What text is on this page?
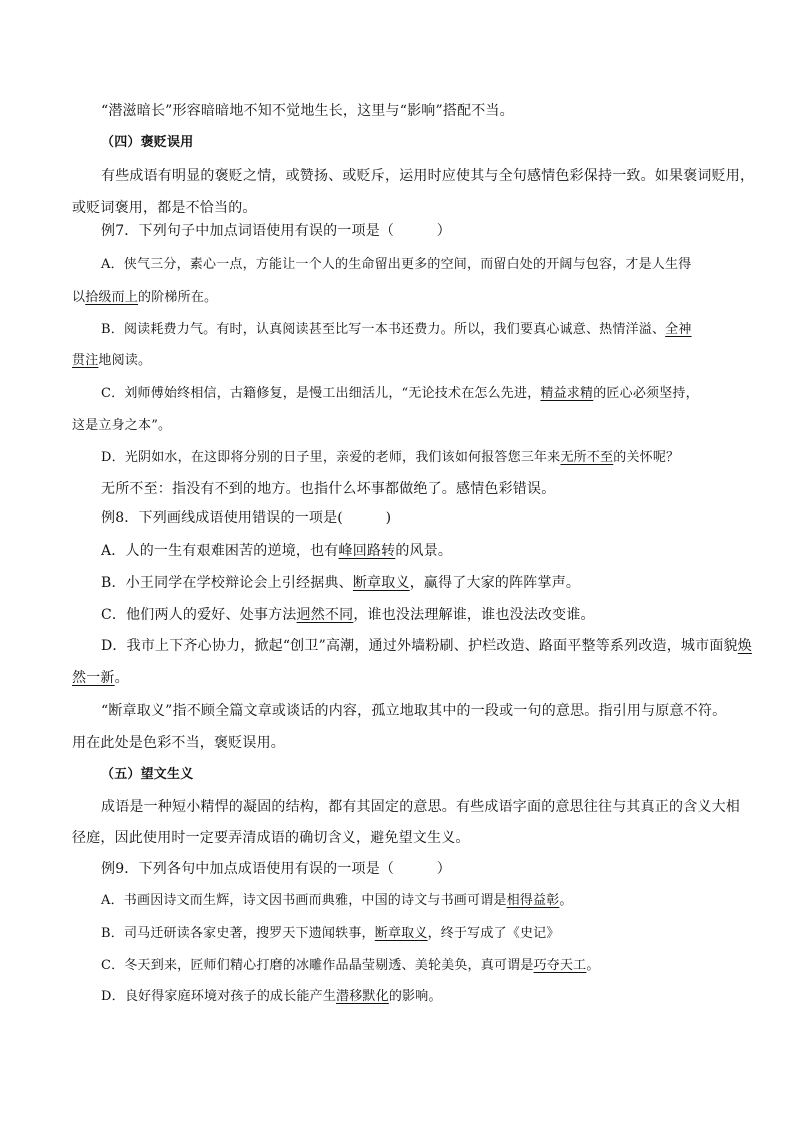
“潜滋暗长”形容暗暗地不知不觉地生长，这里与“影响”搭配不当。
（四）褒贬误用
有些成语有明显的褒贬之情，或赞扬、或贬斥，运用时应使其与全句感情色彩保持一致。如果褒词贬用，
或贬词褒用，都是不恰当的。
例7．下列句子中加点词语使用有误的一项是（　　　）
A．侠气三分，素心一点，方能让一个人的生命留出更多的空间，而留白处的开阔与包容，才是人生得
以拾级而上的阶梯所在。
B．阅读耗费力气。有时，认真阅读甚至比写一本书还费力。所以，我们要真心诚意、热情洋溢、全神
贯注地阅读。
C．刘师傅始终相信，古籍修复，是慢工出细活儿，“无论技术在怎么先进，精益求精的匠心必须坚持，
这是立身之本”。
D．光阴如水，在这即将分别的日子里，亲爱的老师，我们该如何报答您三年来无所不至的关怀呢？
无所不至：指没有不到的地方。也指什么坏事都做绝了。感情色彩错误。
例8．下列画线成语使用错误的一项是(　　　)
A．人的一生有艰难困苦的逆境，也有峰回路转的风景。
B．小王同学在学校辩论会上引经据典、断章取义，赢得了大家的阵阵掌声。
C．他们两人的爱好、处事方法迥然不同，谁也没法理解谁，谁也没法改变谁。
D．我市上下齐心协力，掀起“创卫”高潮，通过外墙粉刷、护栏改造、路面平整等系列改造，城市面貌焕
然一新。
“断章取义”指不顾全篇文章或谈话的内容，孤立地取其中的一段或一句的意思。指引用与原意不符。
用在此处是色彩不当，褒贬误用。
（五）望文生义
成语是一种短小精悍的凝固的结构，都有其固定的意思。有些成语字面的意思往往与其真正的含义大相
径庭，因此使用时一定要弄清成语的确切含义，避免望文生义。
例9．下列各句中加点成语使用有误的一项是（　　　）
A．书画因诗文而生辉，诗文因书画而典雅，中国的诗文与书画可谓是相得益彰。
B．司马迁研读各家史著，搜罗天下遗闻轶事，断章取义，终于写成了《史记》
C．冬天到来，匠师们精心打磨的冰雕作品晶莹剔透、美轮美奂，真可谓是巧夺天工。
D．良好得家庭环境对孩子的成长能产生潜移默化的影响。
